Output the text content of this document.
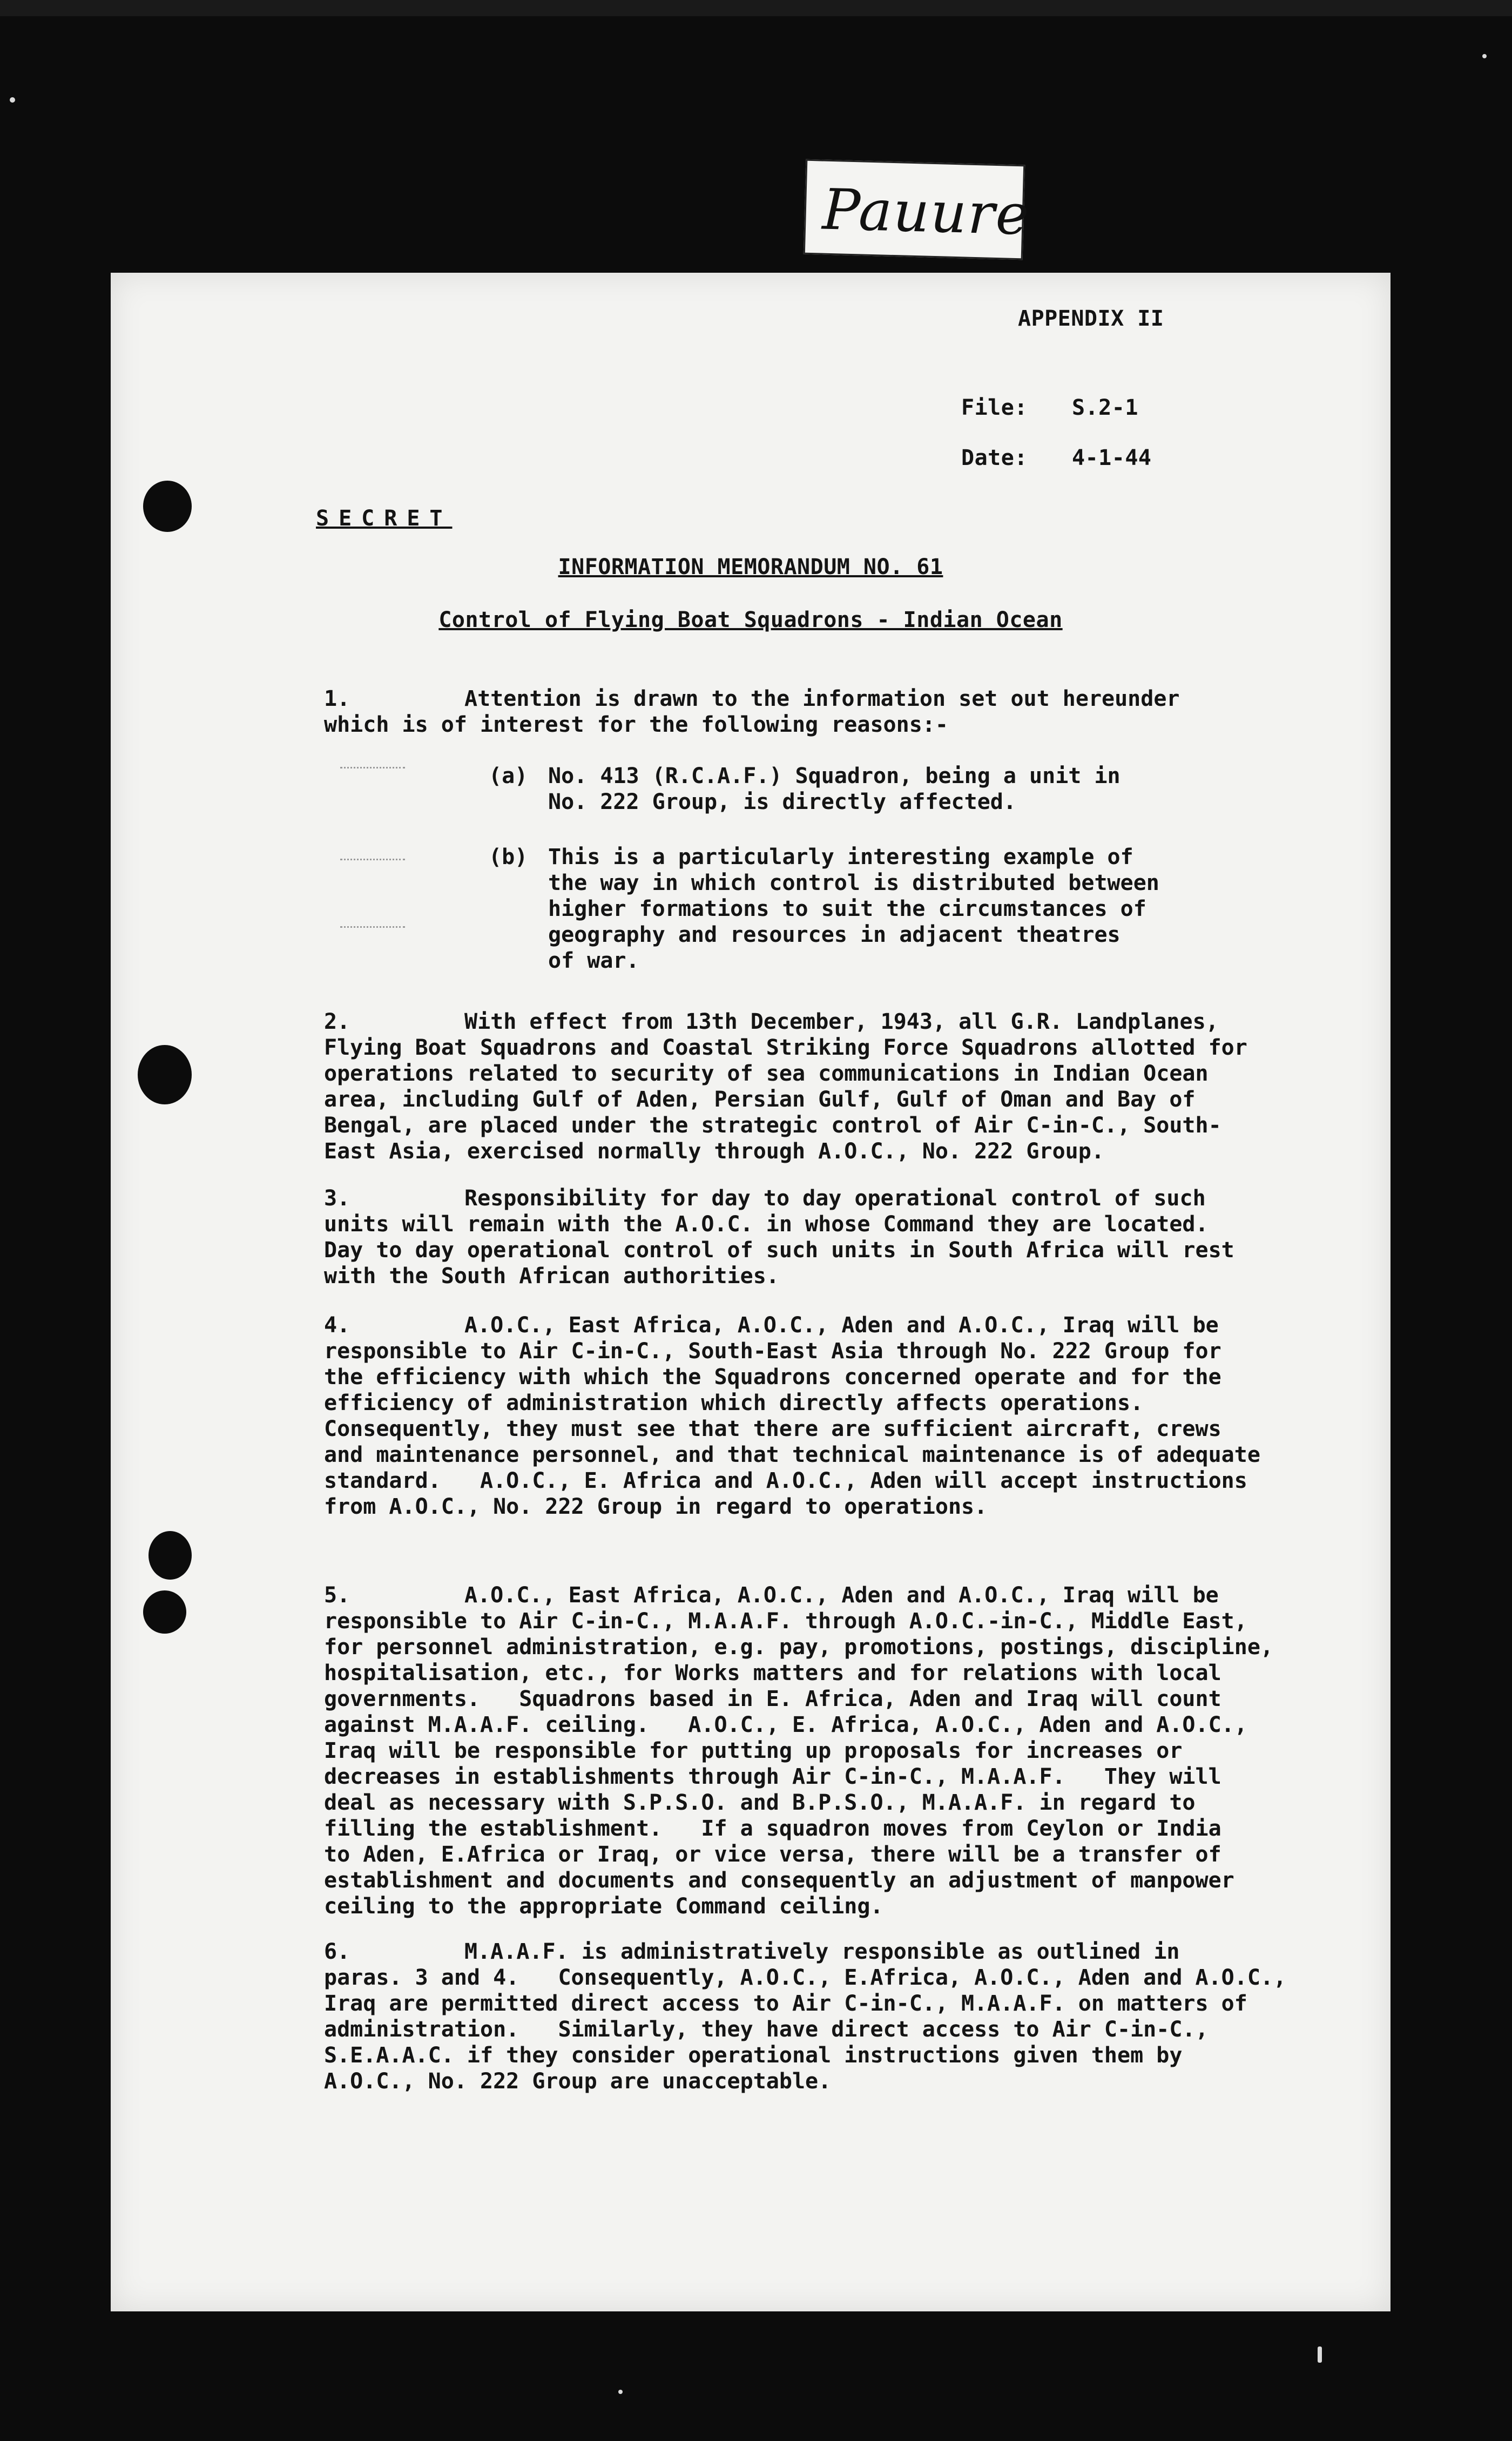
Pauure
APPENDIX II
File: S.2-1
Date: 4-1-44
SECRET
INFORMATION MEMORANDUM NO. 61
Control of Flying Boat Squadrons - Indian Ocean
1.	Attention is drawn to the information set out hereunder
which is of interest for the following reasons:-
(a) No. 413 (R.C.A.F.) Squadron, being a unit in
No. 222 Group, is directly affected.
(b) This is a particularly interesting example of
the way in which control is distributed between
higher formations to suit the circumstances of
geography and resources in adjacent theatres
of war.
2.	With effect from 13th December, 1943, all G.R. Landplanes,
Flying Boat Squadrons and Coastal Striking Force Squadrons allotted for
operations related to security of sea communications in Indian Ocean
area, including Gulf of Aden, Persian Gulf, Gulf of Oman and Bay of
Bengal, are placed under the strategic control of Air C-in-C., South-
East Asia, exercised normally through A.O.C., No. 222 Group.
3.	Responsibility for day to day operational control of such
units will remain with the A.O.C. in whose Command they are located.
Day to day operational control of such units in South Africa will rest
with the South African authorities.
4.	A.O.C., East Africa, A.O.C., Aden and A.O.C., Iraq will be
responsible to Air C-in-C., South-East Asia through No. 222 Group for
the efficiency with which the Squadrons concerned operate and for the
efficiency of administration which directly affects operations.
Consequently, they must see that there are sufficient aircraft, crews
and maintenance personnel, and that technical maintenance is of adequate
standard.   A.O.C., E. Africa and A.O.C., Aden will accept instructions
from A.O.C., No. 222 Group in regard to operations.
5.	A.O.C., East Africa, A.O.C., Aden and A.O.C., Iraq will be
responsible to Air C-in-C., M.A.A.F. through A.O.C.-in-C., Middle East,
for personnel administration, e.g. pay, promotions, postings, discipline,
hospitalisation, etc., for Works matters and for relations with local
governments.   Squadrons based in E. Africa, Aden and Iraq will count
against M.A.A.F. ceiling.   A.O.C., E. Africa, A.O.C., Aden and A.O.C.,
Iraq will be responsible for putting up proposals for increases or
decreases in establishments through Air C-in-C., M.A.A.F.   They will
deal as necessary with S.P.S.O. and B.P.S.O., M.A.A.F. in regard to
filling the establishment.   If a squadron moves from Ceylon or India
to Aden, E.Africa or Iraq, or vice versa, there will be a transfer of
establishment and documents and consequently an adjustment of manpower
ceiling to the appropriate Command ceiling.
6.	M.A.A.F. is administratively responsible as outlined in
paras. 3 and 4.   Consequently, A.O.C., E.Africa, A.O.C., Aden and A.O.C.,
Iraq are permitted direct access to Air C-in-C., M.A.A.F. on matters of
administration.   Similarly, they have direct access to Air C-in-C.,
S.E.A.A.C. if they consider operational instructions given them by
A.O.C., No. 222 Group are unacceptable.
